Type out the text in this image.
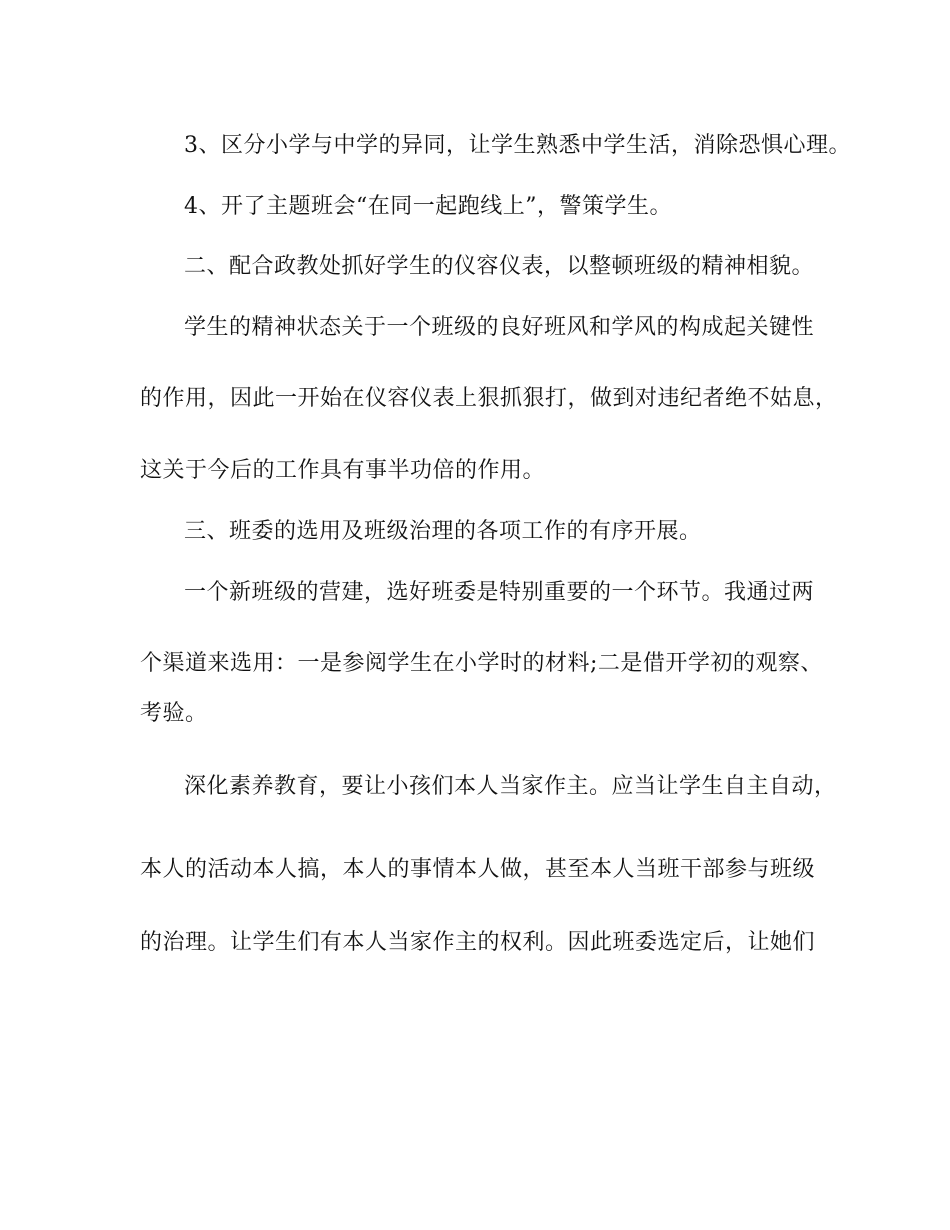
3、区分小学与中学的异同，让学生熟悉中学生活，消除恐惧心理。
4、开了主题班会“在同一起跑线上”，警策学生。
二、配合政教处抓好学生的仪容仪表，以整顿班级的精神相貌。
学生的精神状态关于一个班级的良好班风和学风的构成起关键性
的作用，因此一开始在仪容仪表上狠抓狠打，做到对违纪者绝不姑息，
这关于今后的工作具有事半功倍的作用。
三、班委的选用及班级治理的各项工作的有序开展。
一个新班级的营建，选好班委是特别重要的一个环节。我通过两
个渠道来选用：一是参阅学生在小学时的材料;二是借开学初的观察、
考验。
深化素养教育，要让小孩们本人当家作主。应当让学生自主自动，
本人的活动本人搞，本人的事情本人做，甚至本人当班干部参与班级
的治理。让学生们有本人当家作主的权利。因此班委选定后，让她们
